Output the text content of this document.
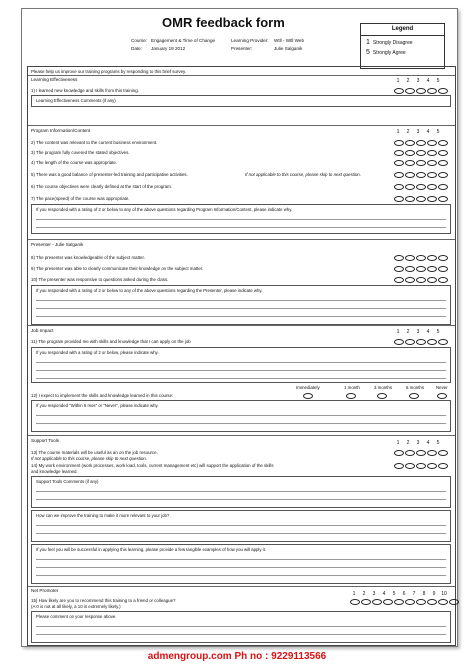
OMR feedback form
Course: Engagement & Time of Change	Learning Provider: Wtll - Wtll Web
Date: January 19 2012	Presenter:	Julie Salganik
Legend
1 Strongly Disagree
5 Strongly Agree
Please help us improve our training programs by responding to this brief survey.
Learning Effectiveness	1 2 3 4 5
1) I learned new knowledge and skills from this training.
Learning Effectiveness Comments (if any)
Program Information/Content	1 2 3 4 5
2) The content was relevant to the current business environment.
3) The program fully covered the stated objectives.
4) The length of the course was appropriate.
5) There was a good balance of presenter-led training and participative activities.	If not applicable to this course, please skip to next question.
6) The course objectives were clearly defined at the start of the program.
7) The pace(speed) of the course was appropriate.
If you responded with a rating of 2 or below to any of the above questions regarding Program Information/Content, please indicate why.
Presenter - Julie Salganik
8) The presenter was knowledgeable of the subject matter.
9) The presenter was able to clearly communicate their knowledge on the subject matter.
10) The presenter was responsive to questions asked during the class.
If you responded with a rating of 2 or below to any of the above questions regarding the Presenter, please indicate why.
Job Impact	1 2 3 4 5
11) The program provided me with skills and knowledge that I can apply on the job
If you responded with a rating of 2 or below, please indicate why.
Immediately	1 month	3 months	6 months	Never
12) I expect to implement the skills and knowledge learned in this course:
If you responded "Within 6 mos" or "Never", please indicate why.
Support Tools	1 2 3 4 5
13) The course materials will be useful as an on the job resource.
If not applicable to this course, please skip to next question.
14) My work environment (work processes, work load, tools, current management etc) will support the application of the skills
and knowledge learned.
Support Tools Comments (if any)
How can we improve the training to make it more relevant to your job?
If you feel you will be successful in applying this learning, please provide a few tangible examples of how you will apply it.
Net Promoter
1 2 3 4 5 6 7 8 9 10
15) How likely are you to recommend this training to a friend or colleague?
(A 0 is not at all likely, a 10 is extremely likely.)
Please comment on your response above.
admengroup.com Ph no : 9229113566
